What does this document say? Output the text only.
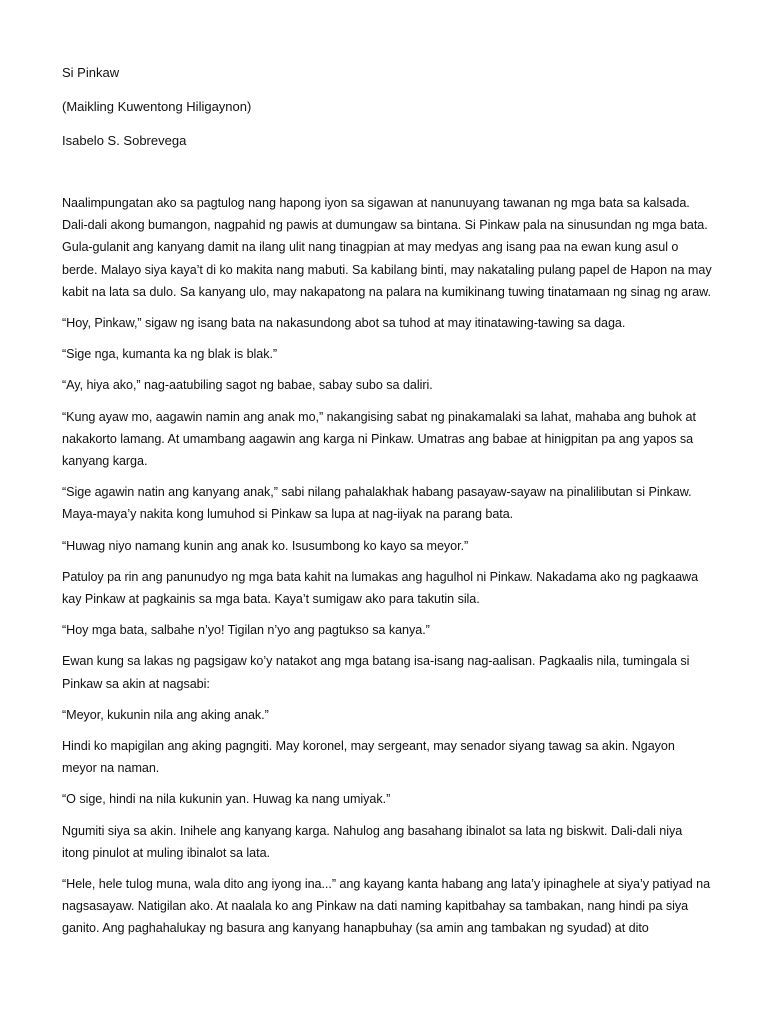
Si Pinkaw

(Maikling Kuwentong Hiligaynon)

Isabelo S. Sobrevega

Naalimpungatan ako sa pagtulog nang hapong iyon sa sigawan at nanunuyang tawanan ng mga bata sa kalsada. Dali-dali akong bumangon, nagpahid ng pawis at dumungaw sa bintana. Si Pinkaw pala na sinusundan ng mga bata. Gula-gulanit ang kanyang damit na ilang ulit nang tinagpian at may medyas ang isang paa na ewan kung asul o berde. Malayo siya kaya’t di ko makita nang mabuti. Sa kabilang binti, may nakataling pulang papel de Hapon na may kabit na lata sa dulo. Sa kanyang ulo, may nakapatong na palara na kumikinang tuwing tinatamaan ng sinag ng araw.

“Hoy, Pinkaw,” sigaw ng isang bata na nakasundong abot sa tuhod at may itinatawing-tawing sa daga.

“Sige nga, kumanta ka ng blak is blak.”

“Ay, hiya ako,” nag-aatubiling sagot ng babae, sabay subo sa daliri.

“Kung ayaw mo, aagawin namin ang anak mo,” nakangising sabat ng pinakamalaki sa lahat, mahaba ang buhok at nakakorto lamang. At umambang aagawin ang karga ni Pinkaw. Umatras ang babae at hinigpitan pa ang yapos sa kanyang karga.

“Sige agawin natin ang kanyang anak,” sabi nilang pahalakhak habang pasayaw-sayaw na pinalilibutan si Pinkaw. Maya-maya’y nakita kong lumuhod si Pinkaw sa lupa at nag-iiyak na parang bata.

“Huwag niyo namang kunin ang anak ko. Isusumbong ko kayo sa meyor.”

Patuloy pa rin ang panunudyo ng mga bata kahit na lumakas ang hagulhol ni Pinkaw. Nakadama ako ng pagkaawa kay Pinkaw at pagkainis sa mga bata. Kaya’t sumigaw ako para takutin sila.

“Hoy mga bata, salbahe n’yo! Tigilan n’yo ang pagtukso sa kanya.”

Ewan kung sa lakas ng pagsigaw ko’y natakot ang mga batang isa-isang nag-aalisan. Pagkaalis nila, tumingala si Pinkaw sa akin at nagsabi:

“Meyor, kukunin nila ang aking anak.”

Hindi ko mapigilan ang aking pagngiti. May koronel, may sergeant, may senador siyang tawag sa akin. Ngayon meyor na naman.

“O sige, hindi na nila kukunin yan. Huwag ka nang umiyak.”

Ngumiti siya sa akin. Inihele ang kanyang karga. Nahulog ang basahang ibinalot sa lata ng biskwit. Dali-dali niya itong pinulot at muling ibinalot sa lata.

“Hele, hele tulog muna, wala dito ang iyong ina...” ang kayang kanta habang ang lata’y ipinaghele at siya’y patiyad na nagsasayaw. Natigilan ako. At naalala ko ang Pinkaw na dati naming kapitbahay sa tambakan, nang hindi pa siya ganito. Ang paghahalukay ng basura ang kanyang hanapbuhay (sa amin ang tambakan ng syudad) at dito
